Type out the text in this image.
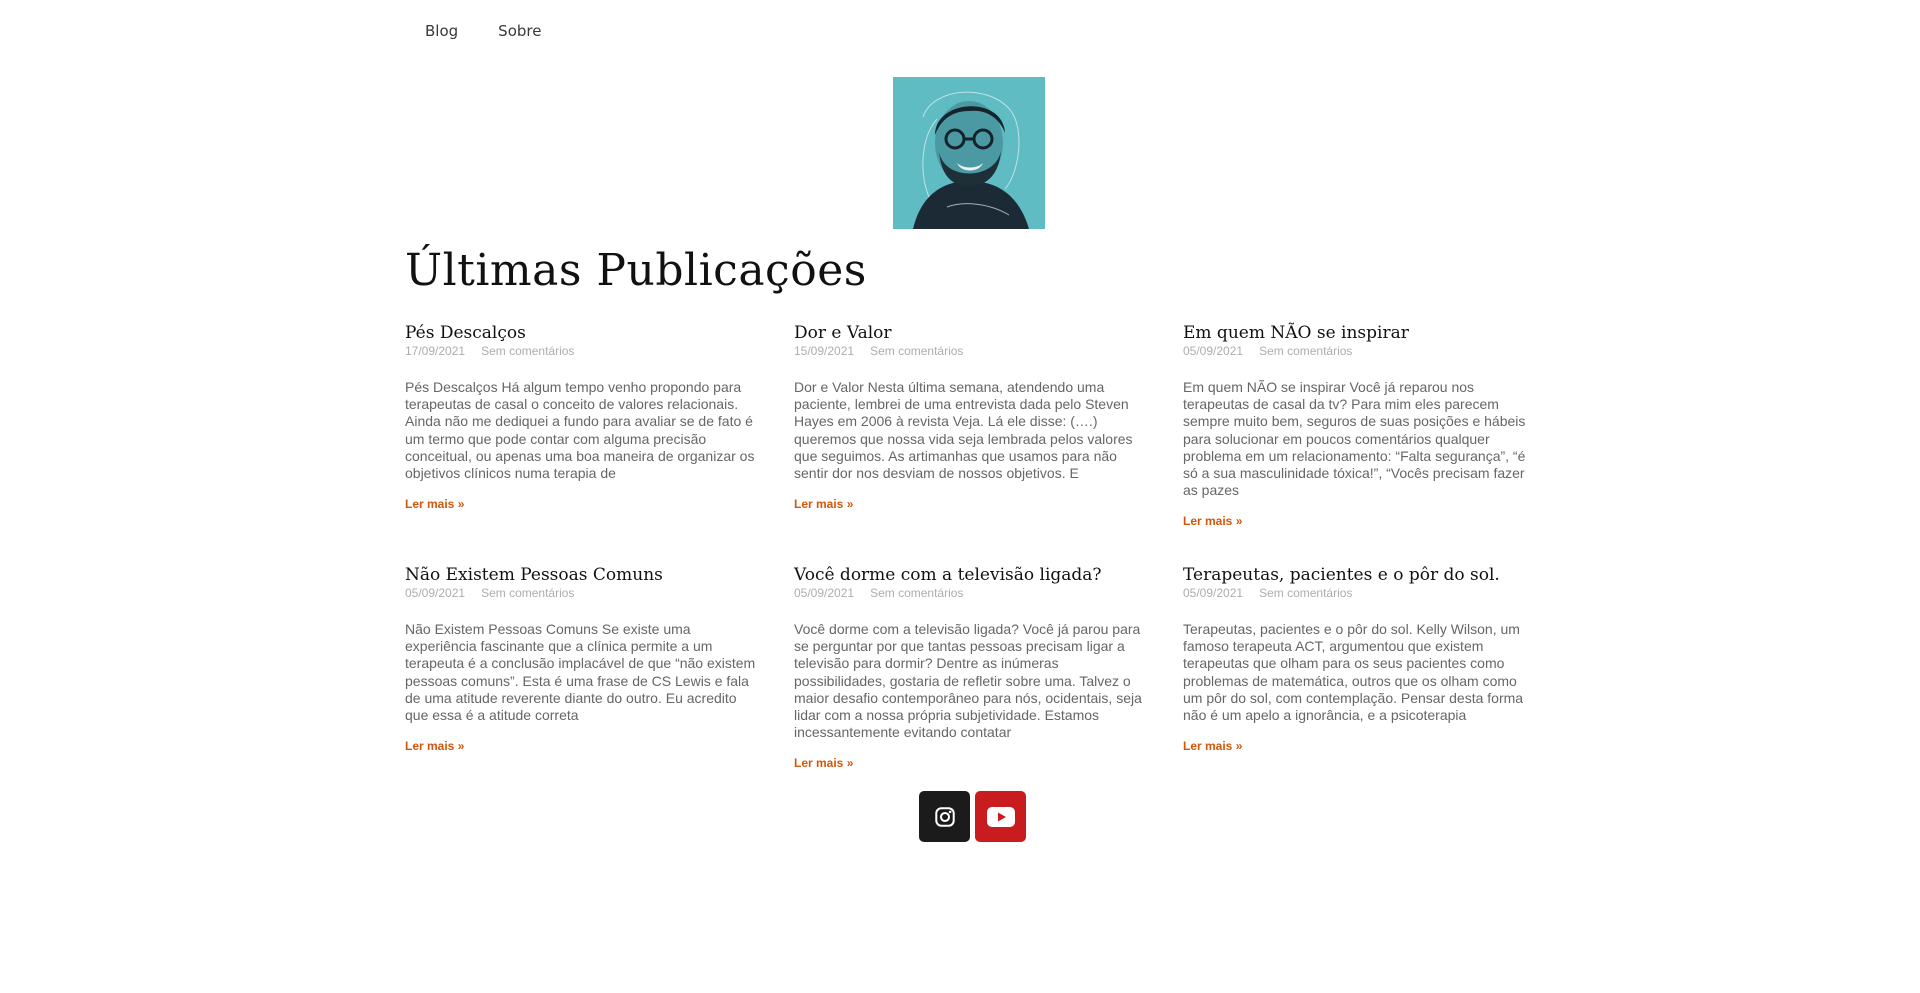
Blog	Sobre
Últimas Publicações
Pés Descalços
17/09/2021 Sem comentários

Pés Descalços Há algum tempo venho propondo para terapeutas de casal o conceito de valores relacionais. Ainda não me dediquei a fundo para avaliar se de fato é um termo que pode contar com alguma precisão conceitual, ou apenas uma boa maneira de organizar os objetivos clínicos numa terapia de

Ler mais »
Dor e Valor
15/09/2021 Sem comentários

Dor e Valor Nesta última semana, atendendo uma paciente, lembrei de uma entrevista dada pelo Steven Hayes em 2006 à revista Veja. Lá ele disse: (….) queremos que nossa vida seja lembrada pelos valores que seguimos. As artimanhas que usamos para não sentir dor nos desviam de nossos objetivos. E

Ler mais »
Em quem NÃO se inspirar
05/09/2021 Sem comentários

Em quem NÃO se inspirar Você já reparou nos terapeutas de casal da tv? Para mim eles parecem sempre muito bem, seguros de suas posições e hábeis para solucionar em poucos comentários qualquer problema em um relacionamento: “Falta segurança”, “é só a sua masculinidade tóxica!”, “Vocês precisam fazer as pazes

Ler mais »
Não Existem Pessoas Comuns
05/09/2021 Sem comentários

Não Existem Pessoas Comuns Se existe uma experiência fascinante que a clínica permite a um terapeuta é a conclusão implacável de que “não existem pessoas comuns”. Esta é uma frase de CS Lewis e fala de uma atitude reverente diante do outro. Eu acredito que essa é a atitude correta

Ler mais »
Você dorme com a televisão ligada?
05/09/2021 Sem comentários

Você dorme com a televisão ligada? Você já parou para se perguntar por que tantas pessoas precisam ligar a televisão para dormir? Dentre as inúmeras possibilidades, gostaria de refletir sobre uma. Talvez o maior desafio contemporâneo para nós, ocidentais, seja lidar com a nossa própria subjetividade. Estamos incessantemente evitando contatar

Ler mais »
Terapeutas, pacientes e o pôr do sol.
05/09/2021 Sem comentários

Terapeutas, pacientes e o pôr do sol. Kelly Wilson, um famoso terapeuta ACT, argumentou que existem terapeutas que olham para os seus pacientes como problemas de matemática, outros que os olham como um pôr do sol, com contemplação. Pensar desta forma não é um apelo a ignorância, e a psicoterapia

Ler mais »
